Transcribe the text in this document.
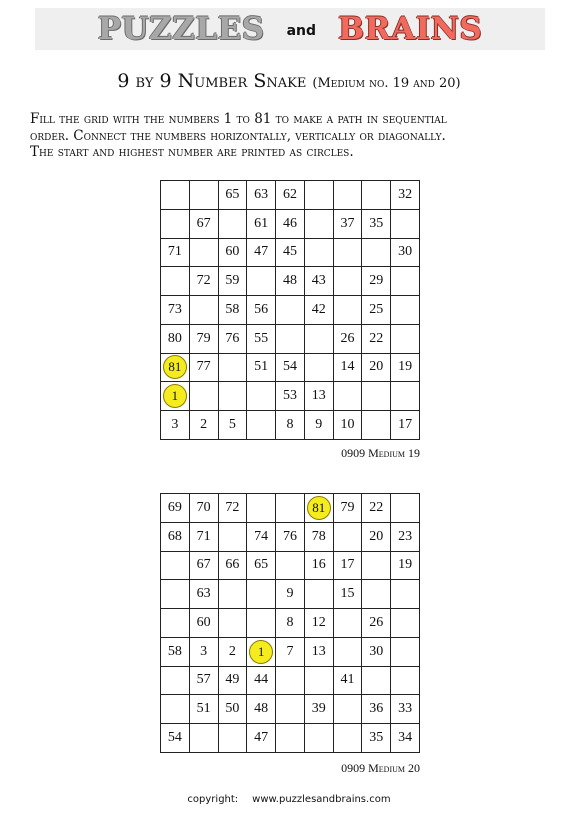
PUZZLES and BRAINS
9 by 9 Number Snake (Medium no. 19 and 20)
Fill the grid with the numbers 1 to 81 to make a path in sequential
order. Connect the numbers horizontally, vertically or diagonally.
The start and highest number are printed as circles.
		65	63	62				32
	67		61	46		37	35	
71		60	47	45				30
	72	59		48	43		29	
73		58	56		42		25	
80	79	76	55			26	22	
81	77		51	54		14	20	19
1				53	13			
3	2	5		8	9	10		17
0909 Medium 19
69	70	72			81	79	22	
68	71		74	76	78		20	23
	67	66	65		16	17		19
	63			9		15		
	60			8	12		26	
58	3	2	1	7	13		30	
	57	49	44			41		
	51	50	48		39		36	33
54			47				35	34
0909 Medium 20
copyright: www.puzzlesandbrains.com
